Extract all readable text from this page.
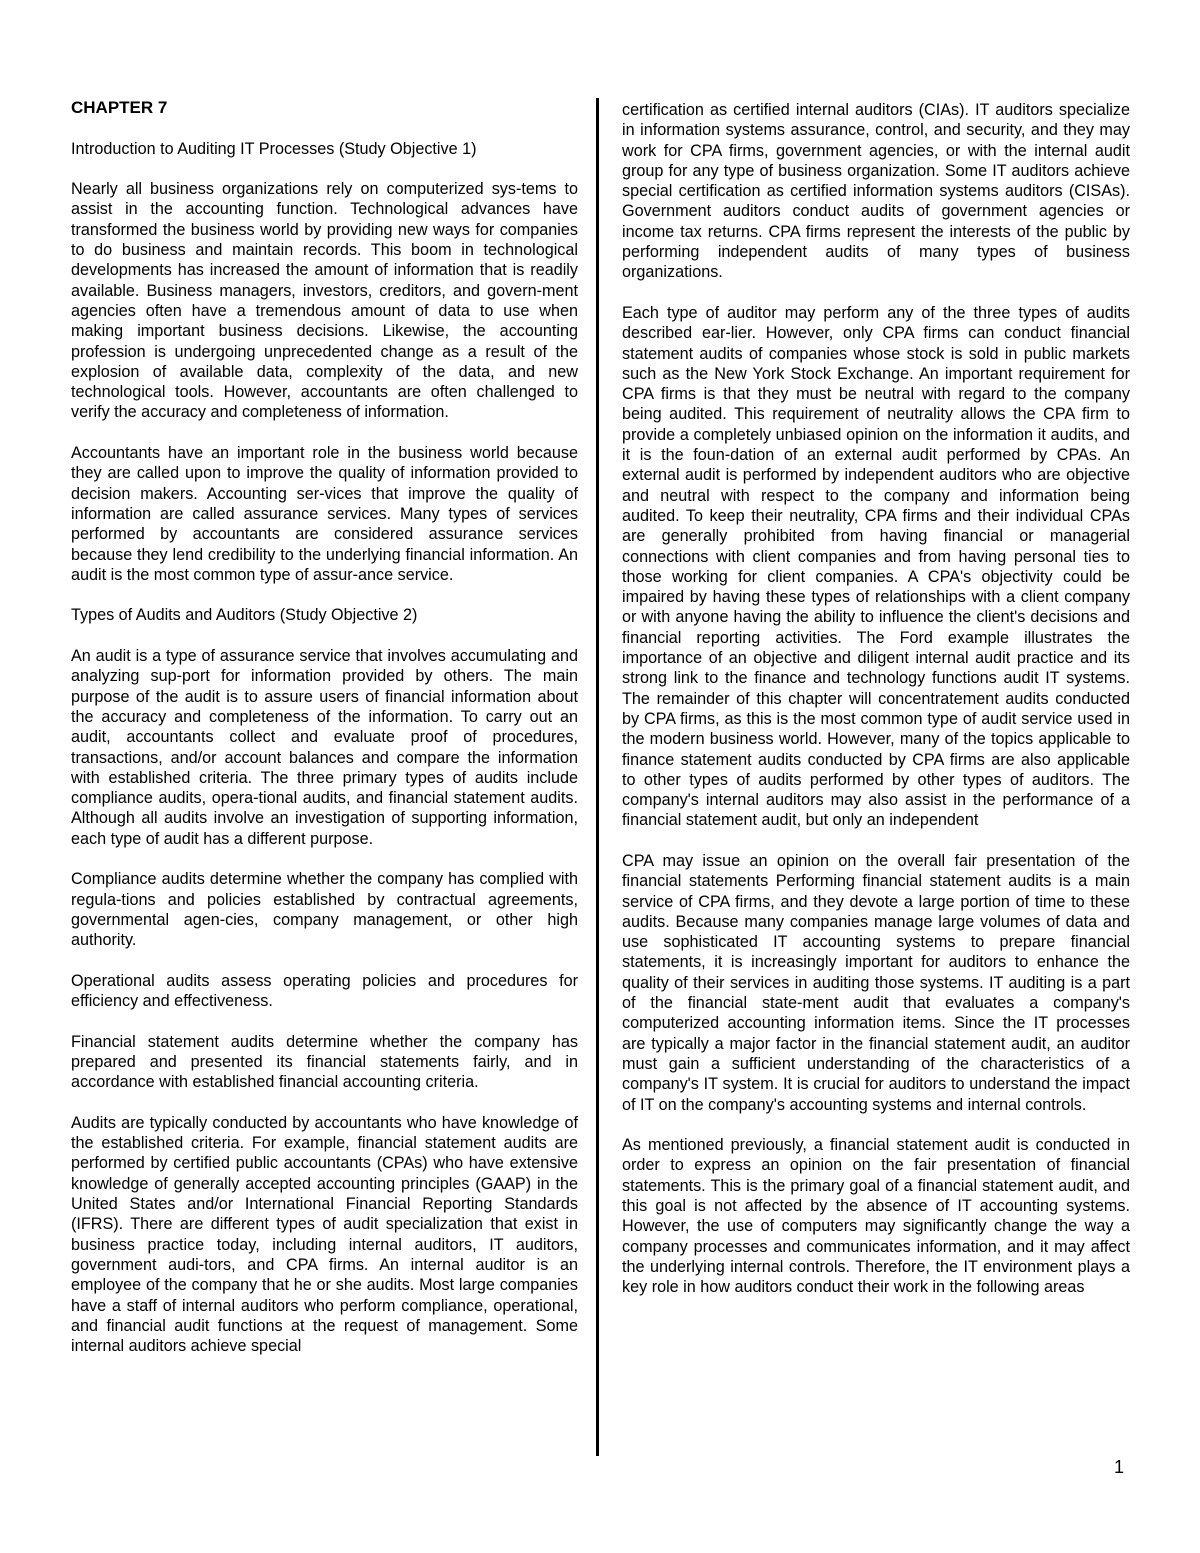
CHAPTER 7
Introduction to Auditing IT Processes (Study Objective 1)

Nearly all business organizations rely on computerized sys-tems to assist in the accounting function. Technological advances have transformed the business world by providing new ways for companies to do business and maintain records. This boom in technological developments has increased the amount of information that is readily available. Business managers, investors, creditors, and govern-ment agencies often have a tremendous amount of data to use when making important business decisions. Likewise, the accounting profession is undergoing unprecedented change as a result of the explosion of available data, complexity of the data, and new technological tools. However, accountants are often challenged to verify the accuracy and completeness of information.

Accountants have an important role in the business world because they are called upon to improve the quality of information provided to decision makers. Accounting ser-vices that improve the quality of information are called assurance services. Many types of services performed by accountants are considered assurance services because they lend credibility to the underlying financial information. An audit is the most common type of assur-ance service.

Types of Audits and Auditors (Study Objective 2)

An audit is a type of assurance service that involves accumulating and analyzing sup-port for information provided by others. The main purpose of the audit is to assure users of financial information about the accuracy and completeness of the information. To carry out an audit, accountants collect and evaluate proof of procedures, transactions, and/or account balances and compare the information with established criteria. The three primary types of audits include compliance audits, opera-tional audits, and financial statement audits. Although all audits involve an investigation of supporting information, each type of audit has a different purpose.

Compliance audits determine whether the company has complied with regula-tions and policies established by contractual agreements, governmental agen-cies, company management, or other high authority.

Operational audits assess operating policies and procedures for efficiency and effectiveness.

Financial statement audits determine whether the company has prepared and presented its financial statements fairly, and in accordance with established financial accounting criteria.

Audits are typically conducted by accountants who have knowledge of the established criteria. For example, financial statement audits are performed by certified public accountants (CPAs) who have extensive knowledge of generally accepted accounting principles (GAAP) in the United States and/or International Financial Reporting Standards (IFRS). There are different types of audit specialization that exist in business practice today, including internal auditors, IT auditors, government audi-tors, and CPA firms. An internal auditor is an employee of the company that he or she audits. Most large companies have a staff of internal auditors who perform compliance, operational, and financial audit functions at the request of management. Some internal auditors achieve special

certification as certified internal auditors (CIAs). IT auditors specialize in information systems assurance, control, and security, and they may work for CPA firms, government agencies, or with the internal audit group for any type of business organization. Some IT auditors achieve special certification as certified information systems auditors (CISAs). Government auditors conduct audits of government agencies or income tax returns. CPA firms represent the interests of the public by performing independent audits of many types of business organizations.

Each type of auditor may perform any of the three types of audits described ear-lier. However, only CPA firms can conduct financial statement audits of companies whose stock is sold in public markets such as the New York Stock Exchange. An important requirement for CPA firms is that they must be neutral with regard to the company being audited. This requirement of neutrality allows the CPA firm to provide a completely unbiased opinion on the information it audits, and it is the foun-dation of an external audit performed by CPAs. An external audit is performed by independent auditors who are objective and neutral with respect to the company and information being audited. To keep their neutrality, CPA firms and their individual CPAs are generally prohibited from having financial or managerial connections with client companies and from having personal ties to those working for client companies. A CPA's objectivity could be impaired by having these types of relationships with a client company or with anyone having the ability to influence the client's decisions and financial reporting activities. The Ford example illustrates the importance of an objective and diligent internal audit practice and its strong link to the finance and technology functions audit IT systems. The remainder of this chapter will concentratement audits conducted by CPA firms, as this is the most common type of audit service used in the modern business world. However, many of the topics applicable to finance statement audits conducted by CPA firms are also applicable to other types of audits performed by other types of auditors. The company's internal auditors may also assist in the performance of a financial statement audit, but only an independent

CPA may issue an opinion on the overall fair presentation of the financial statements Performing financial statement audits is a main service of CPA firms, and they devote a large portion of time to these audits. Because many companies manage large volumes of data and use sophisticated IT accounting systems to prepare financial statements, it is increasingly important for auditors to enhance the quality of their services in auditing those systems. IT auditing is a part of the financial state-ment audit that evaluates a company's computerized accounting information items. Since the IT processes are typically a major factor in the financial statement audit, an auditor must gain a sufficient understanding of the characteristics of a company's IT system. It is crucial for auditors to understand the impact of IT on the company's accounting systems and internal controls.

As mentioned previously, a financial statement audit is conducted in order to express an opinion on the fair presentation of financial statements. This is the primary goal of a financial statement audit, and this goal is not affected by the absence of IT accounting systems. However, the use of computers may significantly change the way a company processes and communicates information, and it may affect the underlying internal controls. Therefore, the IT environment plays a key role in how auditors conduct their work in the following areas

1
